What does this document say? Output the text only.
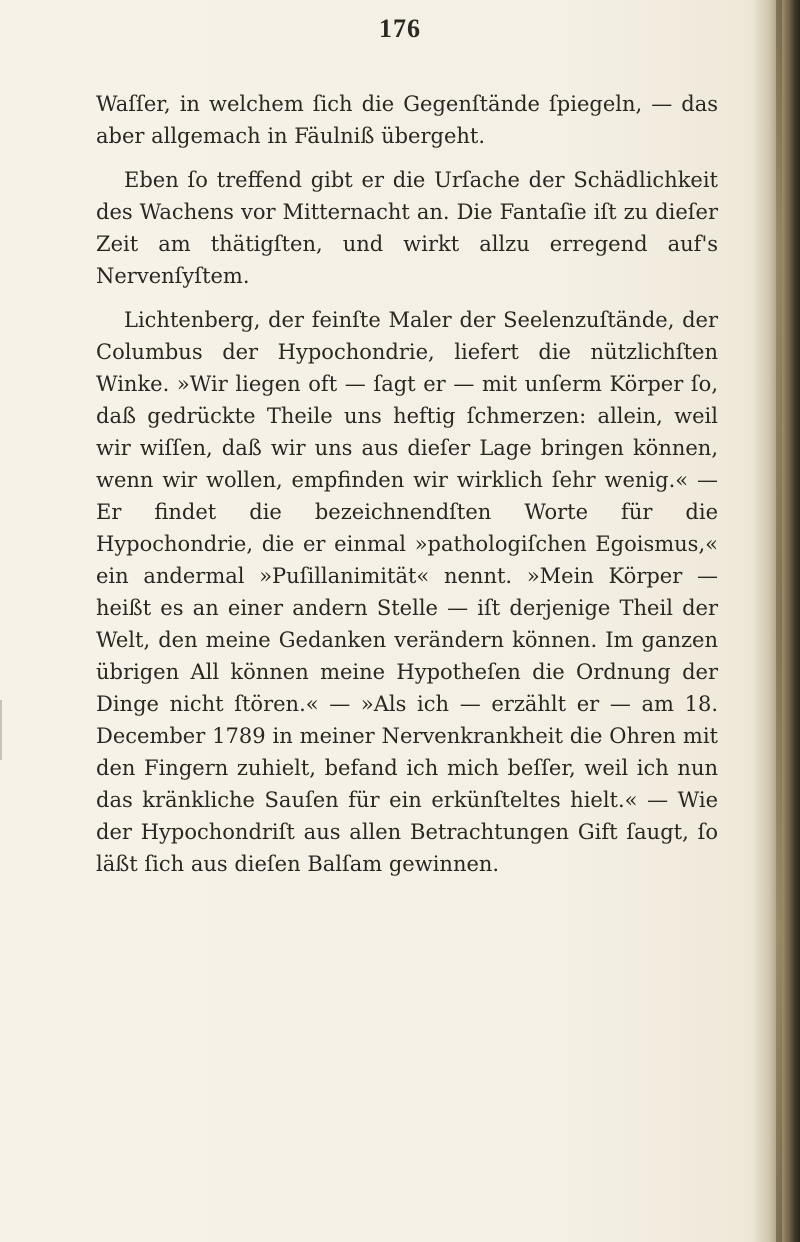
176

Waſſer, in welchem ſich die Gegenſtände ſpiegeln, — das aber allgemach in Fäulniß übergeht.

Eben ſo treffend gibt er die Urſache der Schädlichkeit des Wachens vor Mitternacht an. Die Fantaſie iſt zu dieſer Zeit am thätigſten, und wirkt allzu erregend auf's Nervenſyſtem.

Lichtenberg, der feinſte Maler der Seelenzuſtände, der Columbus der Hypochondrie, liefert die nützlichſten Winke. »Wir liegen oft — ſagt er — mit unſerm Körper ſo, daß gedrückte Theile uns heftig ſchmerzen: allein, weil wir wiſſen, daß wir uns aus dieſer Lage bringen können, wenn wir wollen, empfinden wir wirklich ſehr wenig.« — Er findet die bezeichnendſten Worte für die Hypochondrie, die er einmal »pathologiſchen Egoismus,« ein andermal »Puſillanimität« nennt. »Mein Körper — heißt es an einer andern Stelle — iſt derjenige Theil der Welt, den meine Gedanken verändern können. Im ganzen übrigen All können meine Hypotheſen die Ordnung der Dinge nicht ſtören.« — »Als ich — erzählt er — am 18. December 1789 in meiner Nervenkrankheit die Ohren mit den Fingern zuhielt, befand ich mich beſſer, weil ich nun das kränkliche Sauſen für ein erkünſteltes hielt.« — Wie der Hypochondriſt aus allen Betrachtungen Gift ſaugt, ſo läßt ſich aus dieſen Balſam gewinnen.
